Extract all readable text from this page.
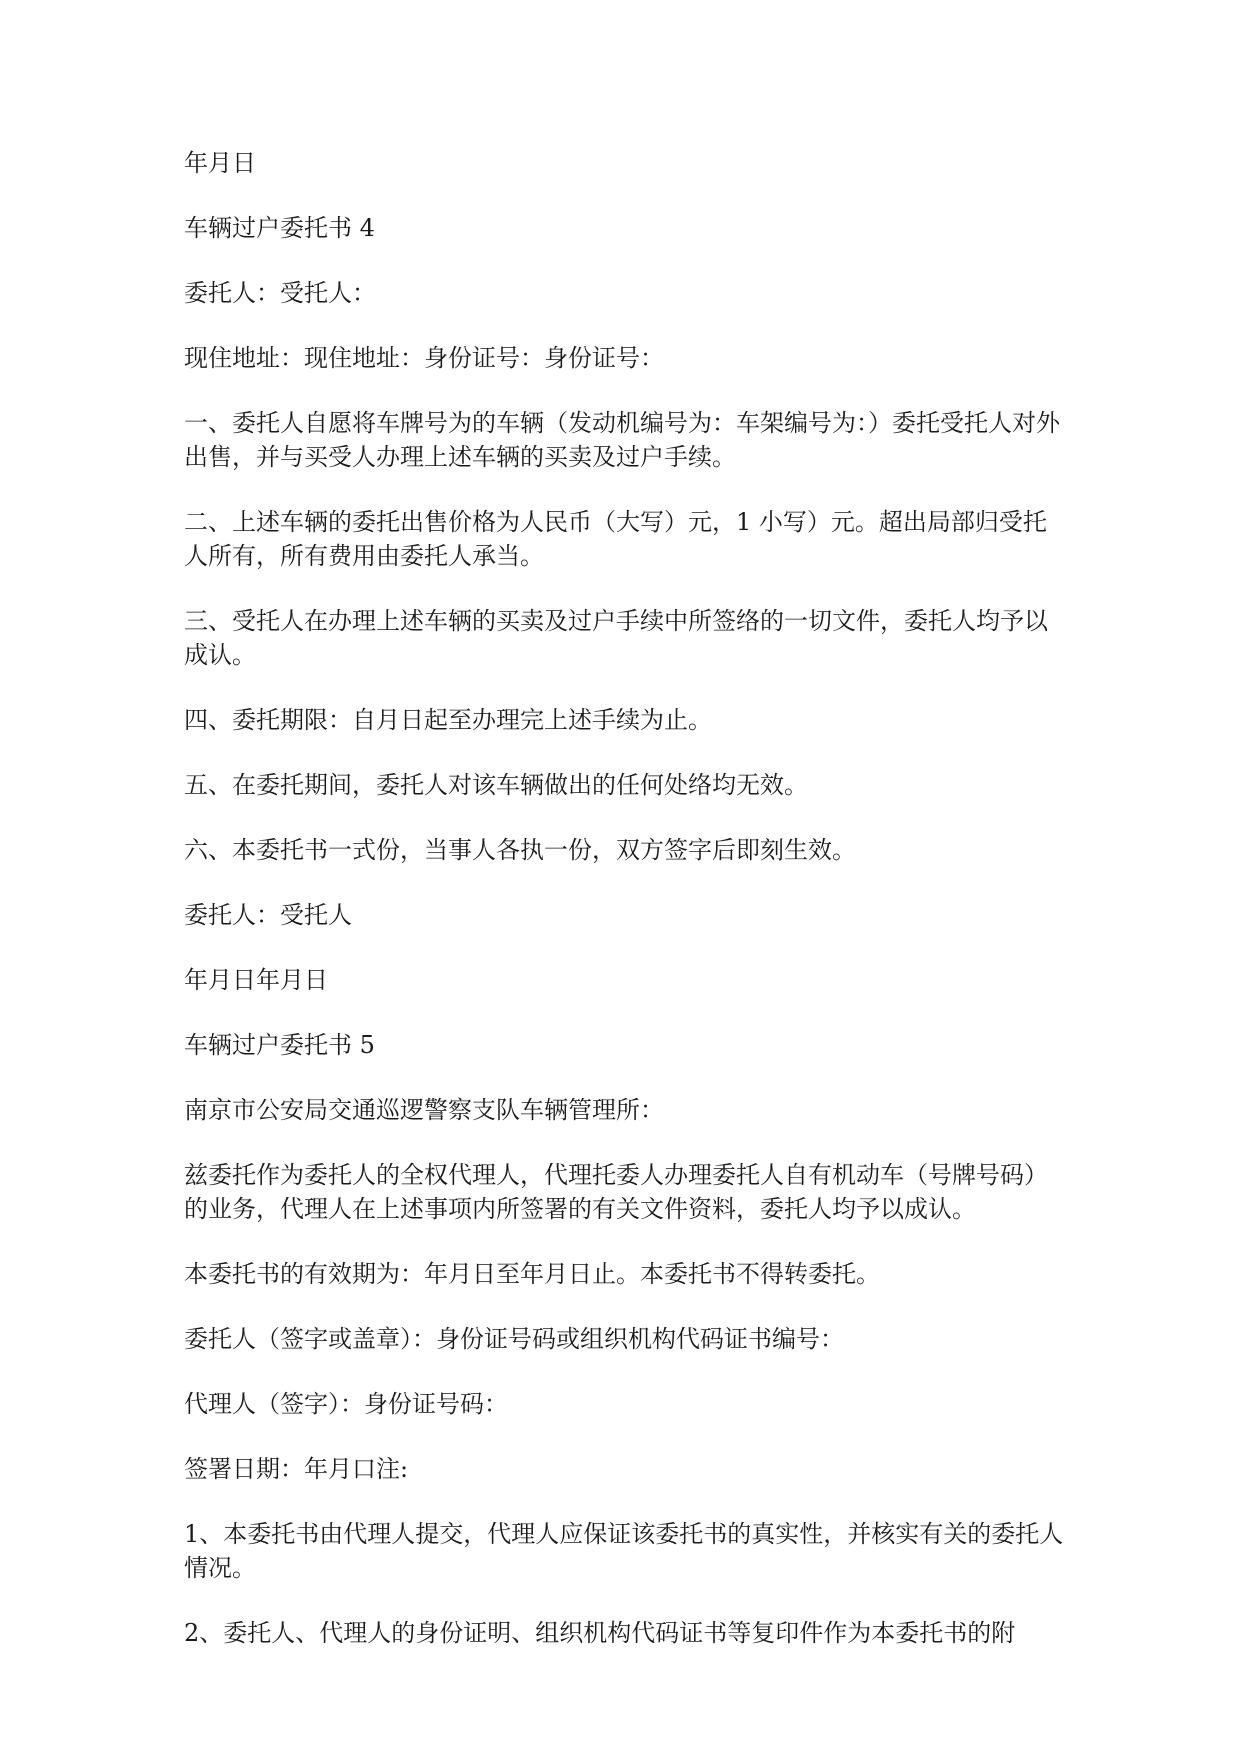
年月日

车辆过户委托书 4

委托人：受托人：

现住地址：现住地址：身份证号：身份证号：

一、委托人自愿将车牌号为的车辆（发动机编号为：车架编号为：）委托受托人对外出售，并与买受人办理上述车辆的买卖及过户手续。

二、上述车辆的委托出售价格为人民币（大写）元，1 小写）元。超出局部归受托人所有，所有费用由委托人承当。

三、受托人在办理上述车辆的买卖及过户手续中所签络的一切文件，委托人均予以成认。

四、委托期限：自月日起至办理完上述手续为止。

五、在委托期间，委托人对该车辆做出的任何处络均无效。

六、本委托书一式份，当事人各执一份，双方签字后即刻生效。

委托人：受托人

年月日年月日

车辆过户委托书 5

南京市公安局交通巡逻警察支队车辆管理所：

兹委托作为委托人的全权代理人，代理托委人办理委托人自有机动车（号牌号码）的业务，代理人在上述事项内所签署的有关文件资料，委托人均予以成认。

本委托书的有效期为：年月日至年月日止。本委托书不得转委托。

委托人（签字或盖章）：身份证号码或组织机构代码证书编号：

代理人（签字）：身份证号码：

签署日期：年月口注:

1、本委托书由代理人提交，代理人应保证该委托书的真实性，并核实有关的委托人情况。

2、委托人、代理人的身份证明、组织机构代码证书等复印件作为本委托书的附
